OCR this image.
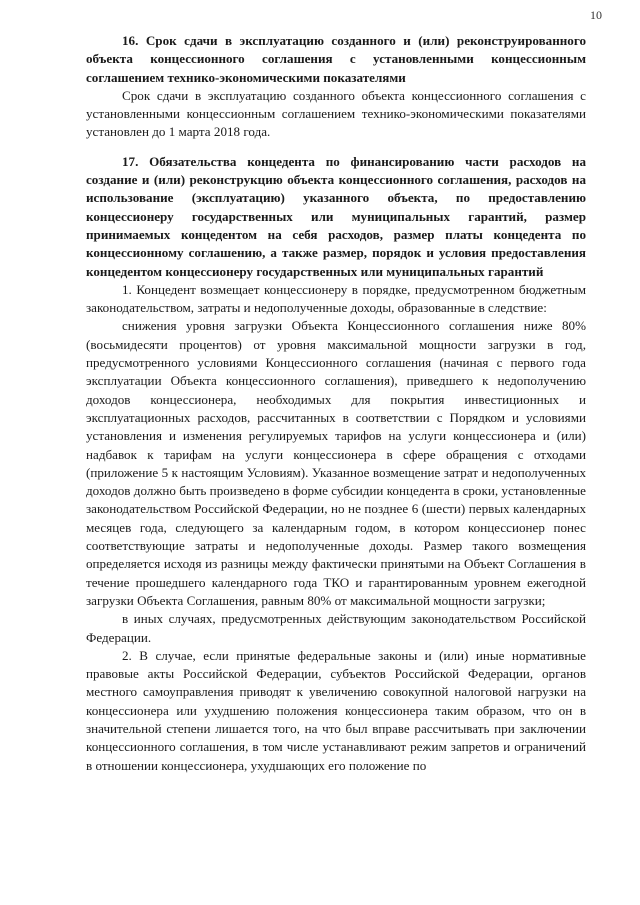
10

16. Срок сдачи в эксплуатацию созданного и (или) реконструированного объекта концессионного соглашения с установленными концессионным соглашением технико-экономическими показателями

Срок сдачи в эксплуатацию созданного объекта концессионного соглашения с установленными концессионным соглашением технико-экономическими показателями установлен до 1 марта 2018 года.

17. Обязательства концедента по финансированию части расходов на создание и (или) реконструкцию объекта концессионного соглашения, расходов на использование (эксплуатацию) указанного объекта, по предоставлению концессионеру государственных или муниципальных гарантий, размер принимаемых концедентом на себя расходов, размер платы концедента по концессионному соглашению, а также размер, порядок и условия предоставления концедентом концессионеру государственных или муниципальных гарантий

1. Концедент возмещает концессионеру в порядке, предусмотренном бюджетным законодательством, затраты и недополученные доходы, образованные в следствие:

снижения уровня загрузки Объекта Концессионного соглашения ниже 80% (восьмидесяти процентов) от уровня максимальной мощности загрузки в год, предусмотренного условиями Концессионного соглашения (начиная с первого года эксплуатации Объекта концессионного соглашения), приведшего к недополучению доходов концессионера, необходимых для покрытия инвестиционных и эксплуатационных расходов, рассчитанных в соответствии с Порядком и условиями установления и изменения регулируемых тарифов на услуги концессионера и (или) надбавок к тарифам на услуги концессионера в сфере обращения с отходами (приложение 5 к настоящим Условиям). Указанное возмещение затрат и недополученных доходов должно быть произведено в форме субсидии концедента в сроки, установленные законодательством Российской Федерации, но не позднее 6 (шести) первых календарных месяцев года, следующего за календарным годом, в котором концессионер понес соответствующие затраты и недополученные доходы. Размер такого возмещения определяется исходя из разницы между фактически принятыми на Объект Соглашения в течение прошедшего календарного года ТКО и гарантированным уровнем ежегодной загрузки Объекта Соглашения, равным 80% от максимальной мощности загрузки;

в иных случаях, предусмотренных действующим законодательством Российской Федерации.

2. В случае, если принятые федеральные законы и (или) иные нормативные правовые акты Российской Федерации, субъектов Российской Федерации, органов местного самоуправления приводят к увеличению совокупной налоговой нагрузки на концессионера или ухудшению положения концессионера таким образом, что он в значительной степени лишается того, на что был вправе рассчитывать при заключении концессионного соглашения, в том числе устанавливают режим запретов и ограничений в отношении концессионера, ухудшающих его положение по
